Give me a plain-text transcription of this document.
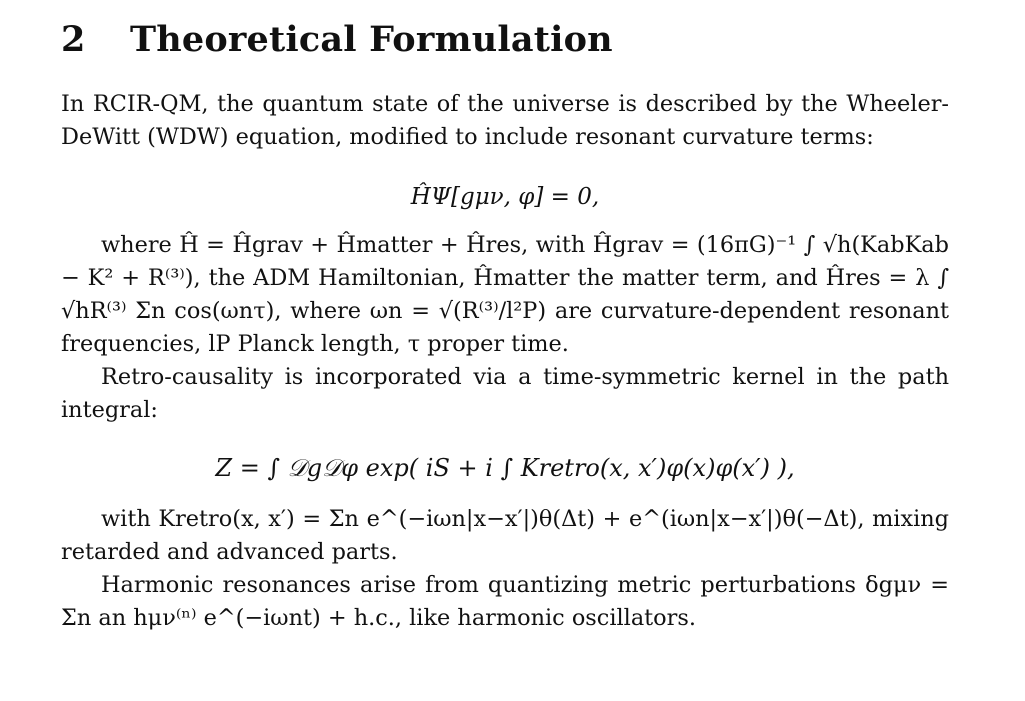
2 Theoretical Formulation

In RCIR-QM, the quantum state of the universe is described by the Wheeler-DeWitt (WDW) equation, modified to include resonant curvature terms:

ĤΨ[gμν, φ] = 0,

where Ĥ = Ĥgrav + Ĥmatter + Ĥres, with Ĥgrav = (16πG)⁻¹ ∫ √h(KabKab − K² + R⁽³⁾), the ADM Hamiltonian, Ĥmatter the matter term, and Ĥres = λ ∫ √hR⁽³⁾ Σn cos(ωnτ), where ωn = √(R⁽³⁾/l²P) are curvature-dependent resonant frequencies, lP Planck length, τ proper time.

Retro-causality is incorporated via a time-symmetric kernel in the path integral:

Z = ∫ 𝒟g𝒟φ exp( iS + i ∫ Kretro(x, x′)φ(x)φ(x′) ),

with Kretro(x, x′) = Σn e^(−iωn|x−x′|)θ(Δt) + e^(iωn|x−x′|)θ(−Δt), mixing retarded and advanced parts.

Harmonic resonances arise from quantizing metric perturbations δgμν = Σn an hμν⁽ⁿ⁾ e^(−iωnt) + h.c., like harmonic oscillators.
